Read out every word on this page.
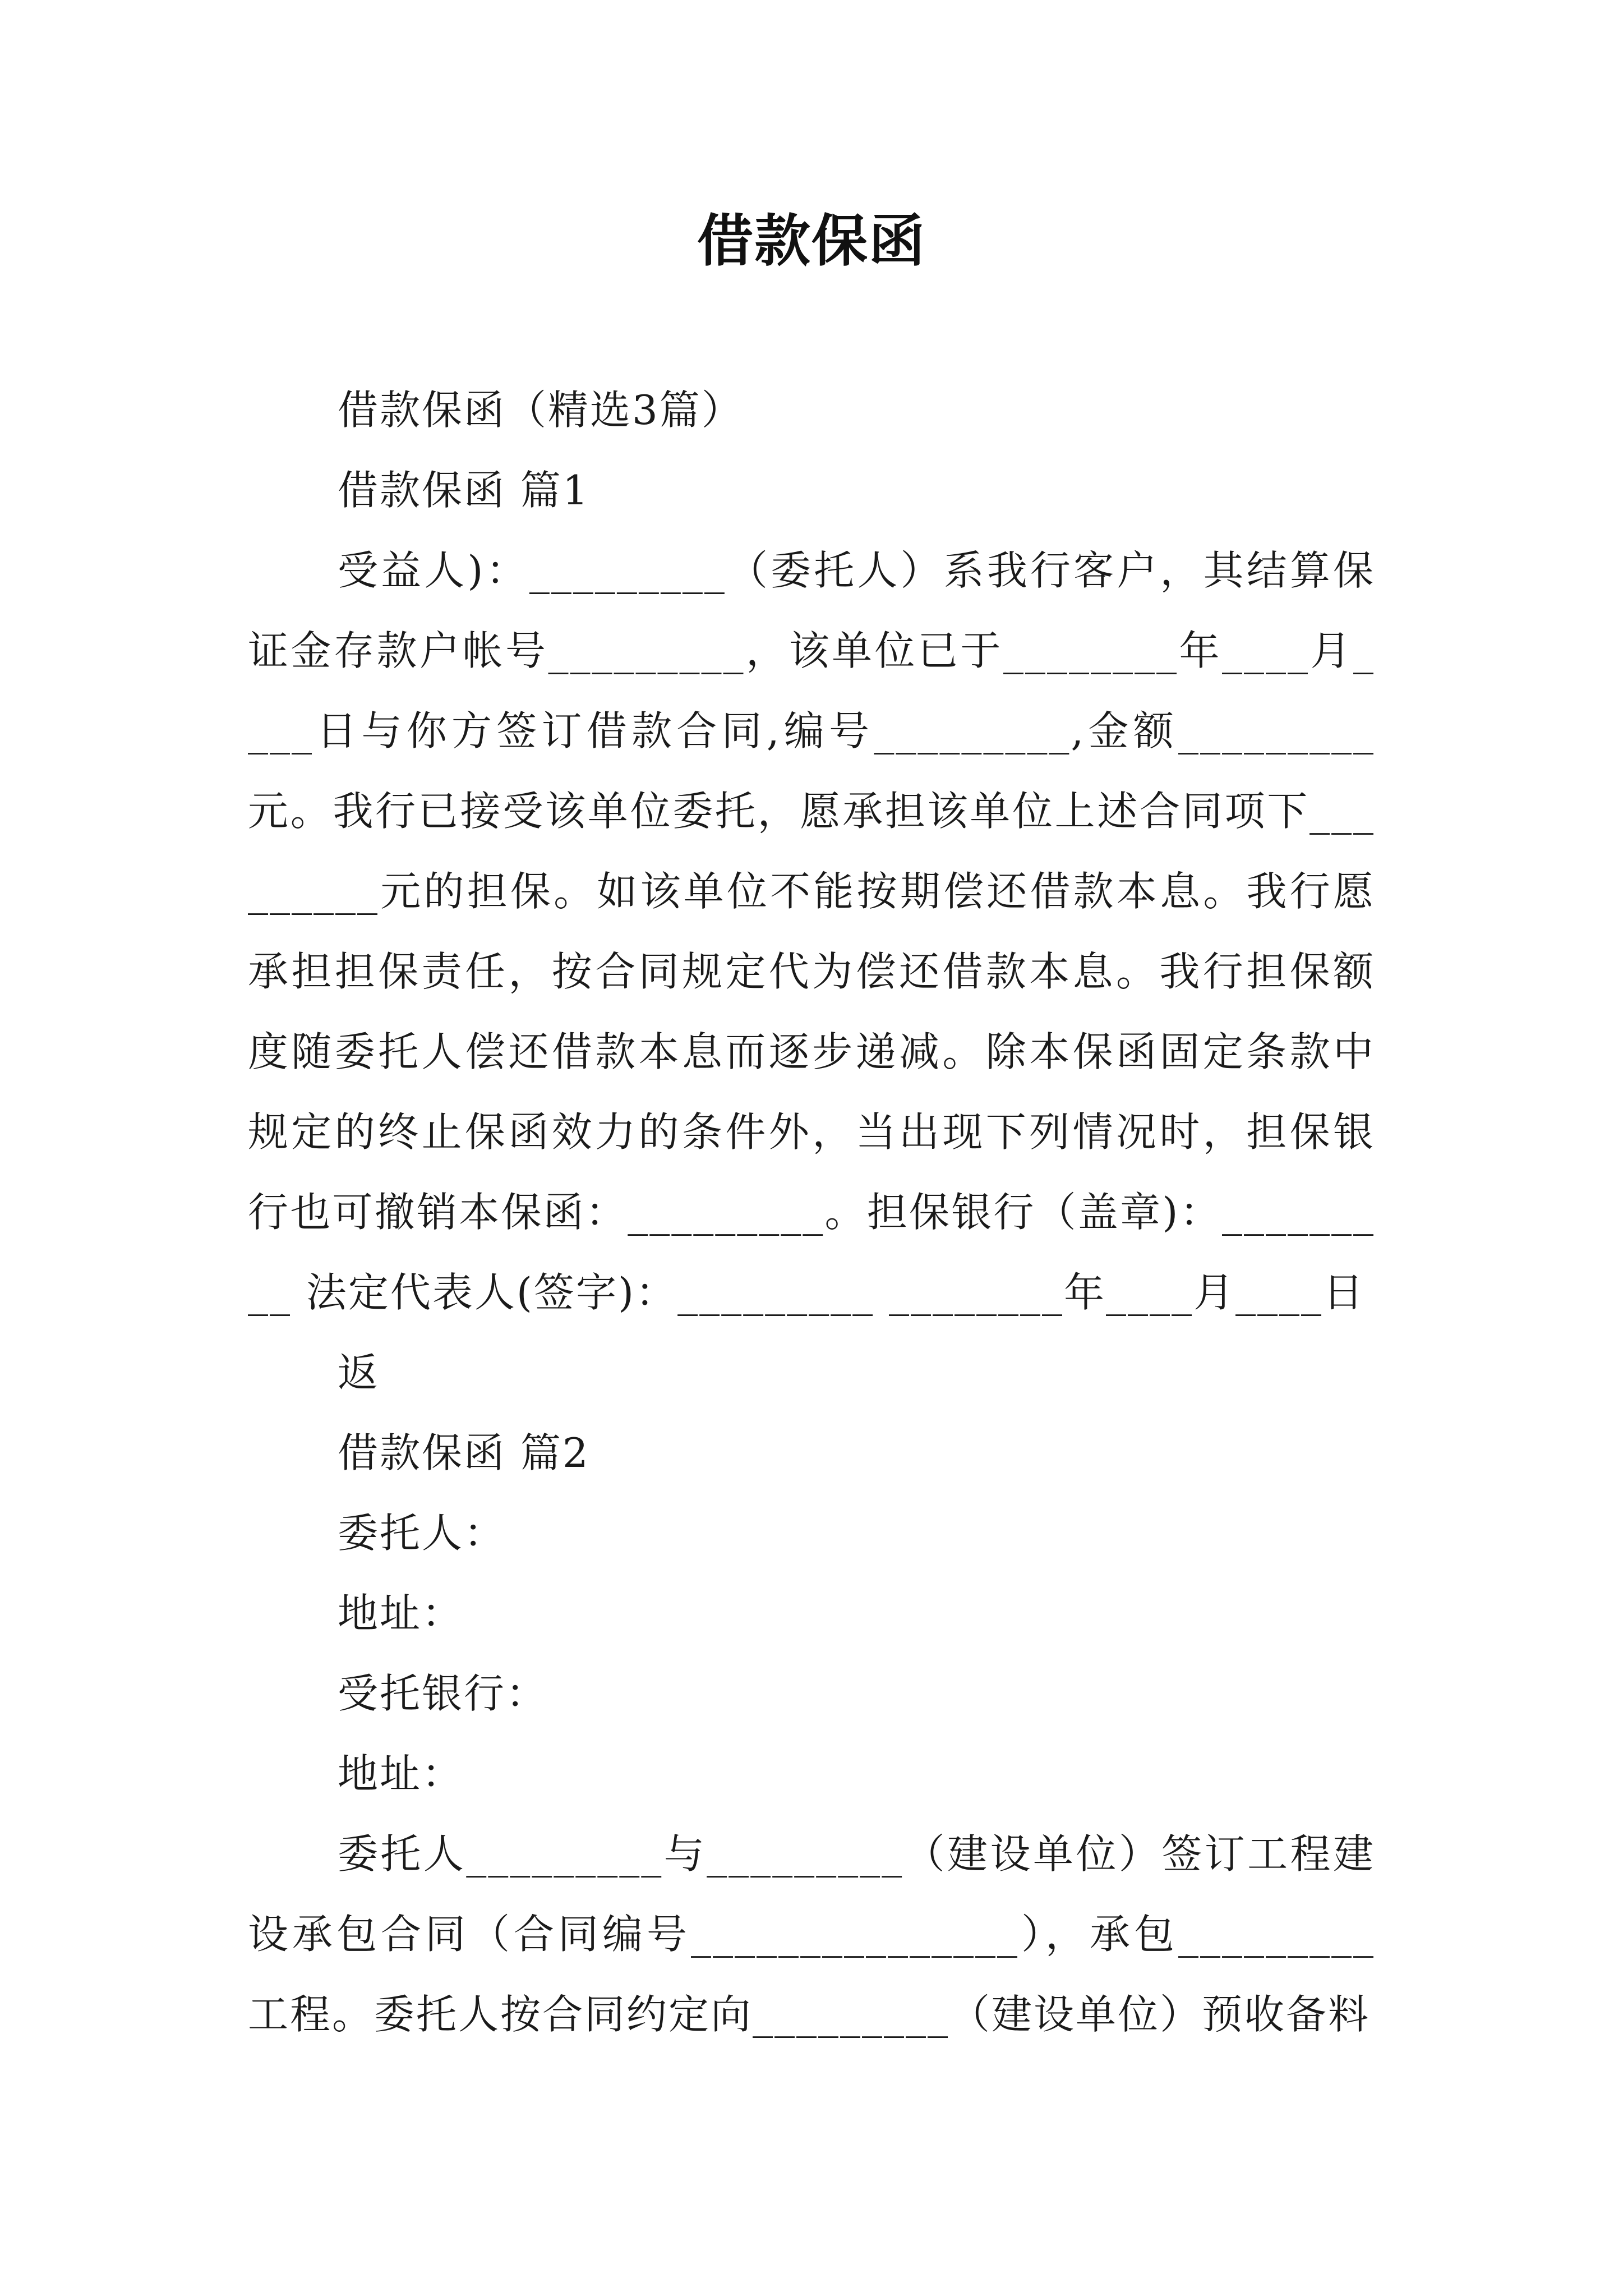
借款保函

借款保函（精选3篇）

借款保函 篇1

受益人)：_________（委托人）系我行客户，其结算保证金存款户帐号_________，该单位已于________年____月____日与你方签订借款合同,编号_________,金额_________元。我行已接受该单位委托，愿承担该单位上述合同项下_________元的担保。如该单位不能按期偿还借款本息。我行愿承担担保责任，按合同规定代为偿还借款本息。我行担保额度随委托人偿还借款本息而逐步递减。除本保函固定条款中规定的终止保函效力的条件外，当出现下列情况时，担保银行也可撤销本保函：_________。担保银行（盖章)：_________ 法定代表人(签字)：_________ ________年____月____日

返

借款保函 篇2

委托人：

地址：

受托银行：

地址：

委托人_________与_________（建设单位）签订工程建设承包合同（合同编号_______________），承包_________工程。委托人按合同约定向_________（建设单位）预收备料
